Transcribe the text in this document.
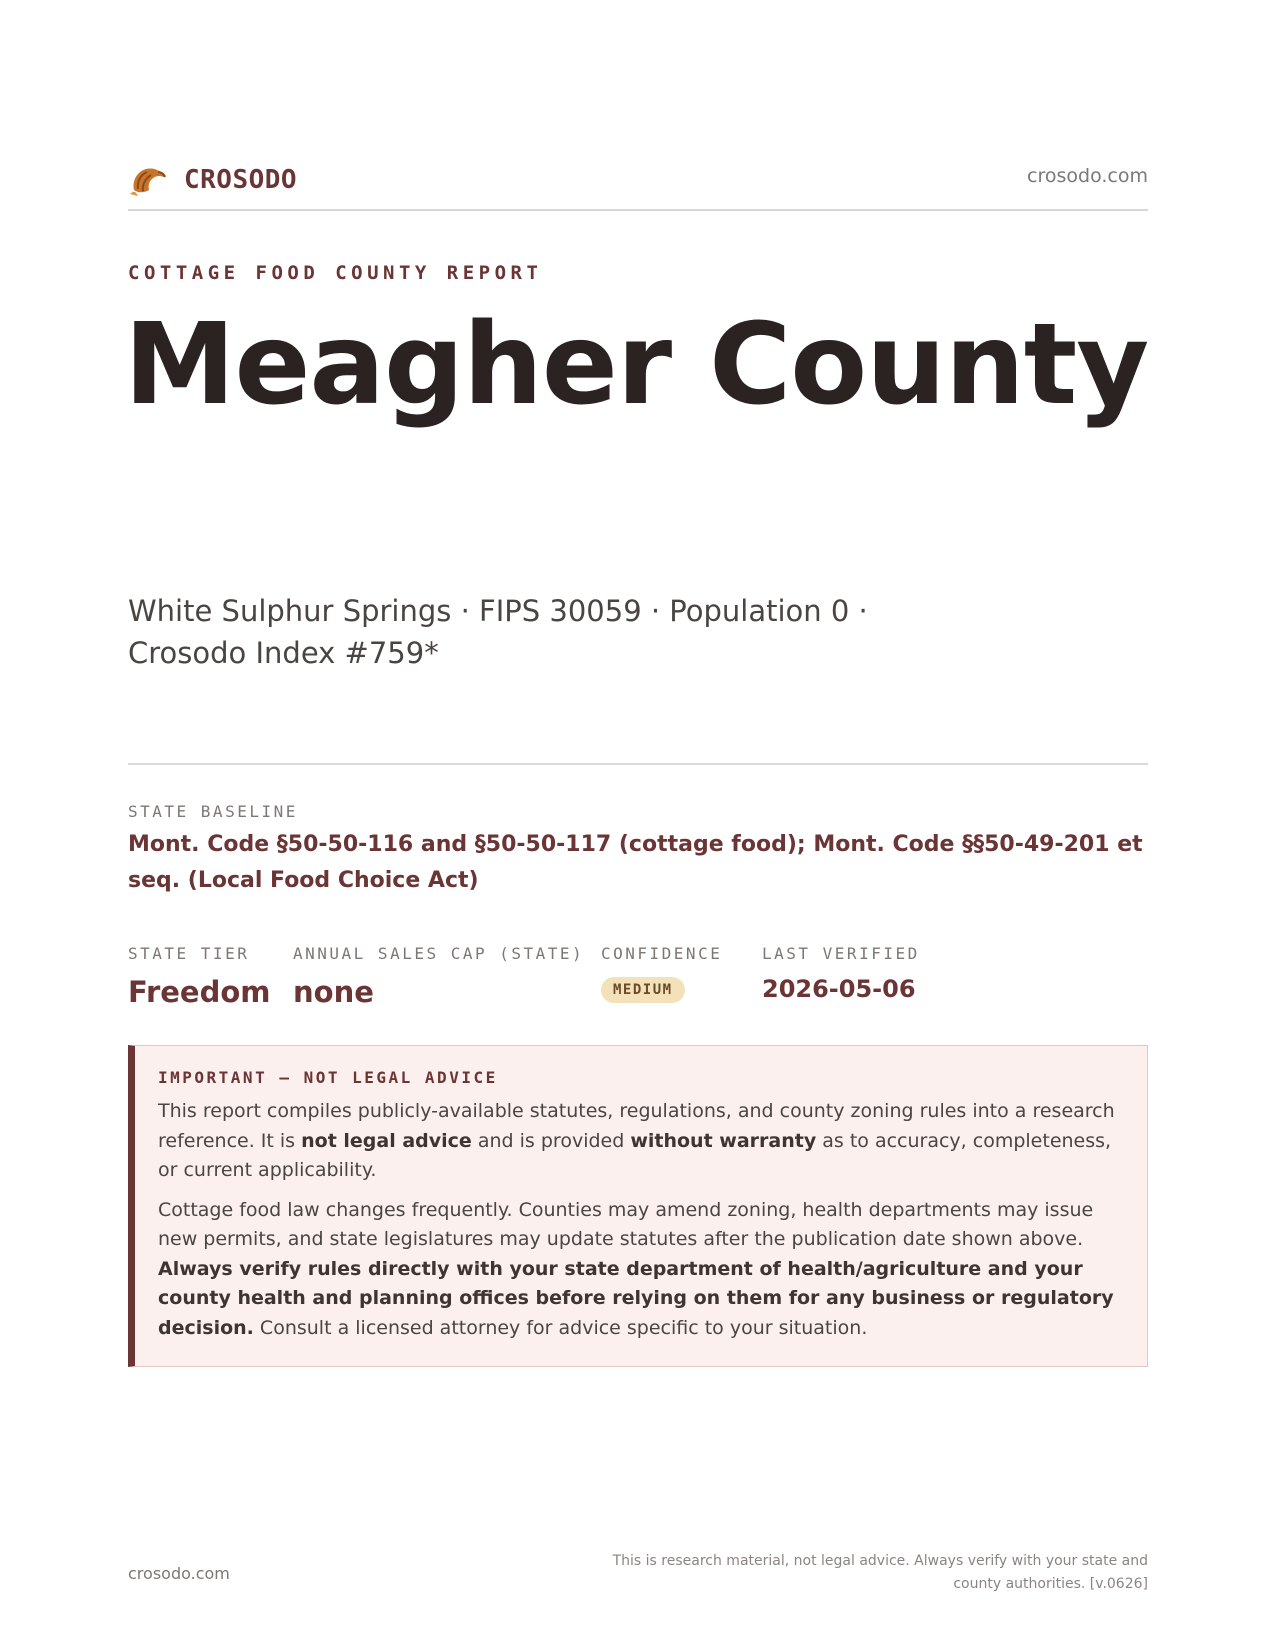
CROSODO	crosodo.com
COTTAGE FOOD COUNTY REPORT
Meagher County
White Sulphur Springs · FIPS 30059 · Population 0 · Crosodo Index #759*
STATE BASELINE
Mont. Code §50-50-116 and §50-50-117 (cottage food); Mont. Code §§50-49-201 et seq. (Local Food Choice Act)
STATE TIER
Freedom
ANNUAL SALES CAP (STATE)
none
CONFIDENCE
MEDIUM
LAST VERIFIED
2026-05-06
IMPORTANT — NOT LEGAL ADVICE

This report compiles publicly-available statutes, regulations, and county zoning rules into a research reference. It is not legal advice and is provided without warranty as to accuracy, completeness, or current applicability.

Cottage food law changes frequently. Counties may amend zoning, health departments may issue new permits, and state legislatures may update statutes after the publication date shown above. Always verify rules directly with your state department of health/agriculture and your county health and planning offices before relying on them for any business or regulatory decision. Consult a licensed attorney for advice specific to your situation.

crosodo.com
This is research material, not legal advice. Always verify with your state and county authorities. [v.0626]
